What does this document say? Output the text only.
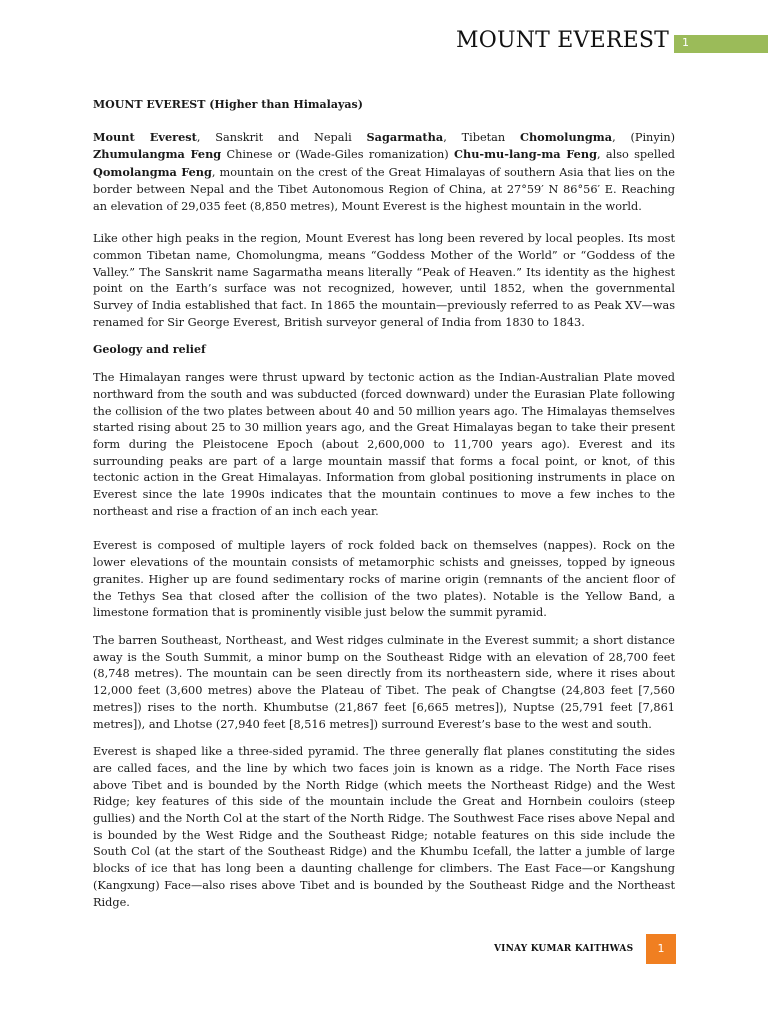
MOUNT EVEREST 1

MOUNT EVEREST (Higher than Himalayas)

Mount Everest, Sanskrit and Nepali Sagarmatha, Tibetan Chomolungma, (Pinyin) Zhumulangma Feng Chinese or (Wade-Giles romanization) Chu-mu-lang-ma Feng, also spelled Qomolangma Feng, mountain on the crest of the Great Himalayas of southern Asia that lies on the border between Nepal and the Tibet Autonomous Region of China, at 27°59′ N 86°56′ E. Reaching an elevation of 29,035 feet (8,850 metres), Mount Everest is the highest mountain in the world.

Like other high peaks in the region, Mount Everest has long been revered by local peoples. Its most common Tibetan name, Chomolungma, means “Goddess Mother of the World” or “Goddess of the Valley.” The Sanskrit name Sagarmatha means literally “Peak of Heaven.” Its identity as the highest point on the Earth’s surface was not recognized, however, until 1852, when the governmental Survey of India established that fact. In 1865 the mountain—previously referred to as Peak XV—was renamed for Sir George Everest, British surveyor general of India from 1830 to 1843.

Geology and relief

The Himalayan ranges were thrust upward by tectonic action as the Indian-Australian Plate moved northward from the south and was subducted (forced downward) under the Eurasian Plate following the collision of the two plates between about 40 and 50 million years ago. The Himalayas themselves started rising about 25 to 30 million years ago, and the Great Himalayas began to take their present form during the Pleistocene Epoch (about 2,600,000 to 11,700 years ago). Everest and its surrounding peaks are part of a large mountain massif that forms a focal point, or knot, of this tectonic action in the Great Himalayas. Information from global positioning instruments in place on Everest since the late 1990s indicates that the mountain continues to move a few inches to the northeast and rise a fraction of an inch each year.

Everest is composed of multiple layers of rock folded back on themselves (nappes). Rock on the lower elevations of the mountain consists of metamorphic schists and gneisses, topped by igneous granites. Higher up are found sedimentary rocks of marine origin (remnants of the ancient floor of the Tethys Sea that closed after the collision of the two plates). Notable is the Yellow Band, a limestone formation that is prominently visible just below the summit pyramid.

The barren Southeast, Northeast, and West ridges culminate in the Everest summit; a short distance away is the South Summit, a minor bump on the Southeast Ridge with an elevation of 28,700 feet (8,748 metres). The mountain can be seen directly from its northeastern side, where it rises about 12,000 feet (3,600 metres) above the Plateau of Tibet. The peak of Changtse (24,803 feet [7,560 metres]) rises to the north. Khumbutse (21,867 feet [6,665 metres]), Nuptse (25,791 feet [7,861 metres]), and Lhotse (27,940 feet [8,516 metres]) surround Everest’s base to the west and south.

Everest is shaped like a three-sided pyramid. The three generally flat planes constituting the sides are called faces, and the line by which two faces join is known as a ridge. The North Face rises above Tibet and is bounded by the North Ridge (which meets the Northeast Ridge) and the West Ridge; key features of this side of the mountain include the Great and Hornbein couloirs (steep gullies) and the North Col at the start of the North Ridge. The Southwest Face rises above Nepal and is bounded by the West Ridge and the Southeast Ridge; notable features on this side include the South Col (at the start of the Southeast Ridge) and the Khumbu Icefall, the latter a jumble of large blocks of ice that has long been a daunting challenge for climbers. The East Face—or Kangshung (Kangxung) Face—also rises above Tibet and is bounded by the Southeast Ridge and the Northeast Ridge.

VINAY KUMAR KAITHWAS	1
